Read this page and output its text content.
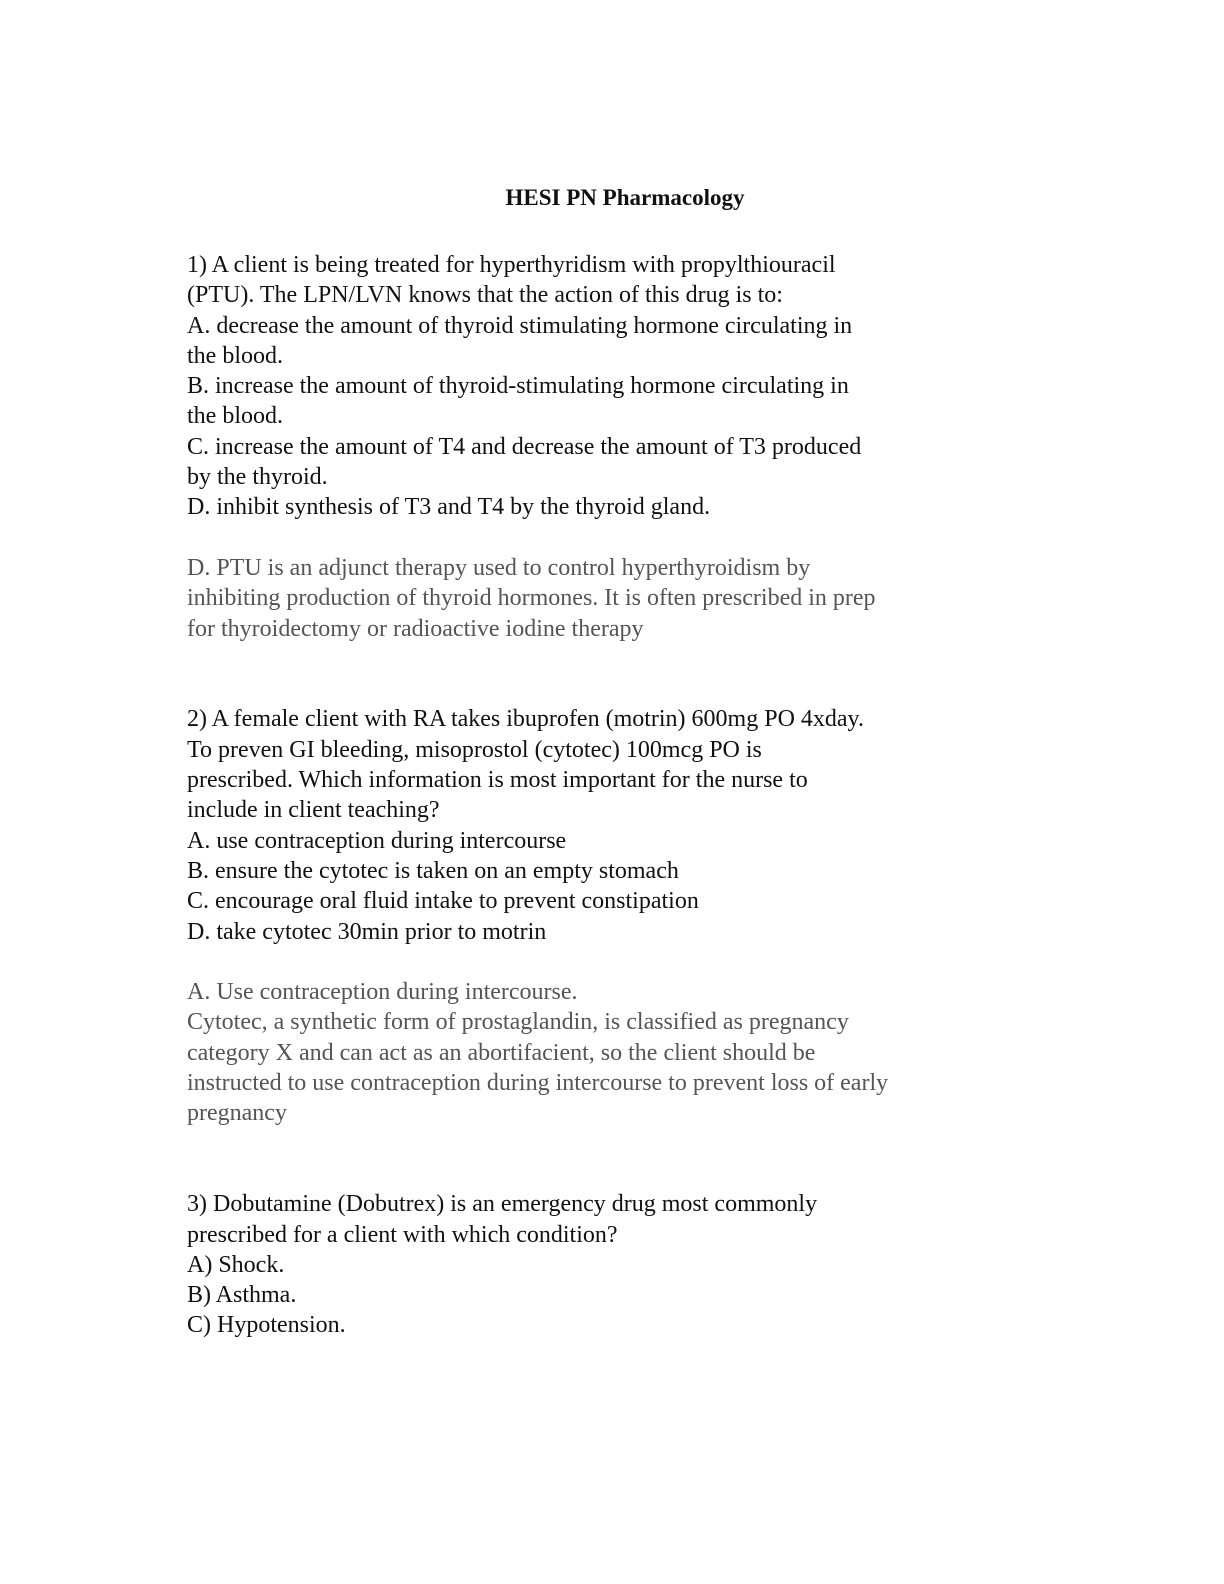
HESI PN Pharmacology
1) A client is being treated for hyperthyridism with propylthiouracil
(PTU). The LPN/LVN knows that the action of this drug is to:
A. decrease the amount of thyroid stimulating hormone circulating in
the blood.
B. increase the amount of thyroid-stimulating hormone circulating in
the blood.
C. increase the amount of T4 and decrease the amount of T3 produced
by the thyroid.
D. inhibit synthesis of T3 and T4 by the thyroid gland.
D. PTU is an adjunct therapy used to control hyperthyroidism by
inhibiting production of thyroid hormones. It is often prescribed in prep
for thyroidectomy or radioactive iodine therapy
2) A female client with RA takes ibuprofen (motrin) 600mg PO 4xday.
To preven GI bleeding, misoprostol (cytotec) 100mcg PO is
prescribed. Which information is most important for the nurse to
include in client teaching?
A. use contraception during intercourse
B. ensure the cytotec is taken on an empty stomach
C. encourage oral fluid intake to prevent constipation
D. take cytotec 30min prior to motrin
A. Use contraception during intercourse.
Cytotec, a synthetic form of prostaglandin, is classified as pregnancy
category X and can act as an abortifacient, so the client should be
instructed to use contraception during intercourse to prevent loss of early
pregnancy
3) Dobutamine (Dobutrex) is an emergency drug most commonly
prescribed for a client with which condition?
A) Shock.
B) Asthma.
C) Hypotension.
